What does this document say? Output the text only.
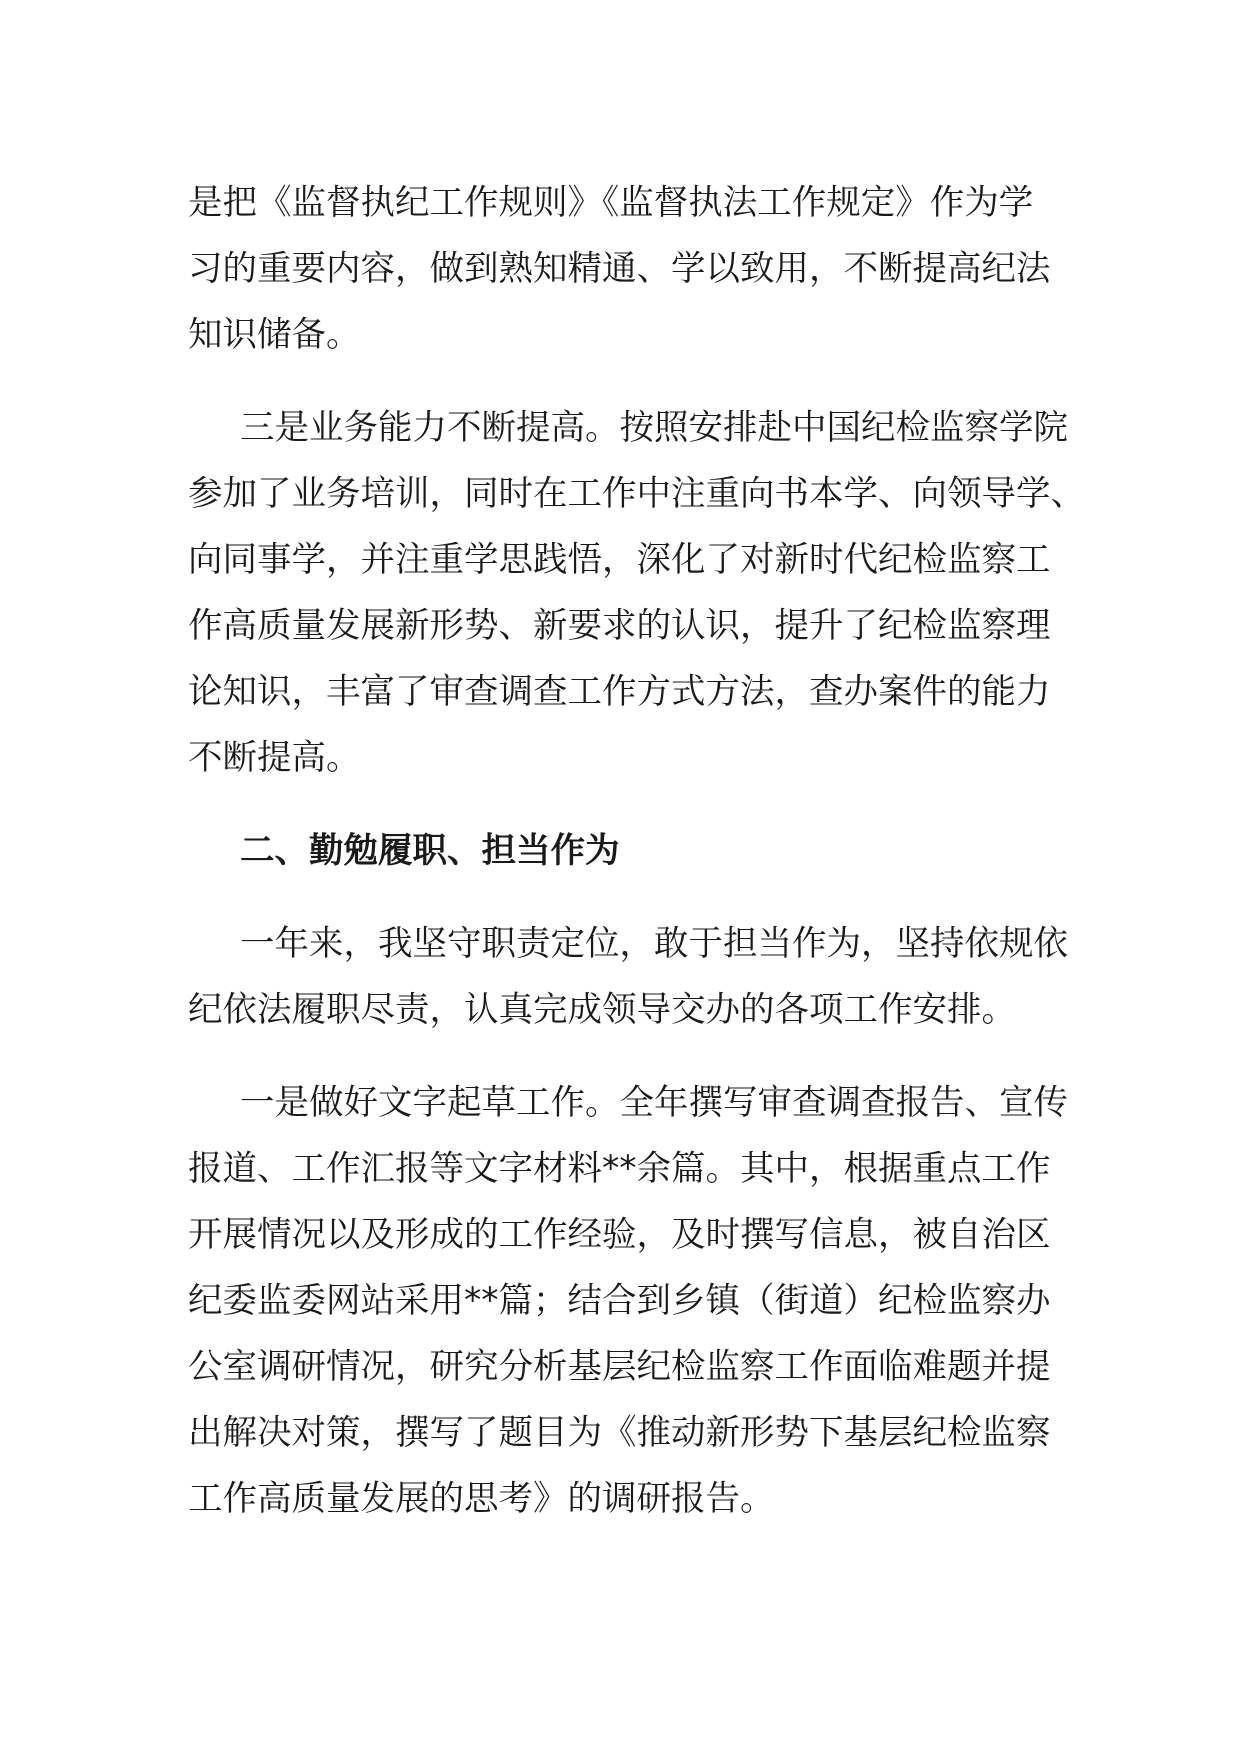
是把《监督执纪工作规则》《监督执法工作规定》作为学
习的重要内容，做到熟知精通、学以致用，不断提高纪法
知识储备。
三是业务能力不断提高。按照安排赴中国纪检监察学院
参加了业务培训，同时在工作中注重向书本学、向领导学、
向同事学，并注重学思践悟，深化了对新时代纪检监察工
作高质量发展新形势、新要求的认识，提升了纪检监察理
论知识，丰富了审查调查工作方式方法，查办案件的能力
不断提高。
二、勤勉履职、担当作为
一年来，我坚守职责定位，敢于担当作为，坚持依规依
纪依法履职尽责，认真完成领导交办的各项工作安排。
一是做好文字起草工作。全年撰写审查调查报告、宣传
报道、工作汇报等文字材料**余篇。其中，根据重点工作
开展情况以及形成的工作经验，及时撰写信息，被自治区
纪委监委网站采用**篇；结合到乡镇（街道）纪检监察办
公室调研情况，研究分析基层纪检监察工作面临难题并提
出解决对策，撰写了题目为《推动新形势下基层纪检监察
工作高质量发展的思考》的调研报告。
